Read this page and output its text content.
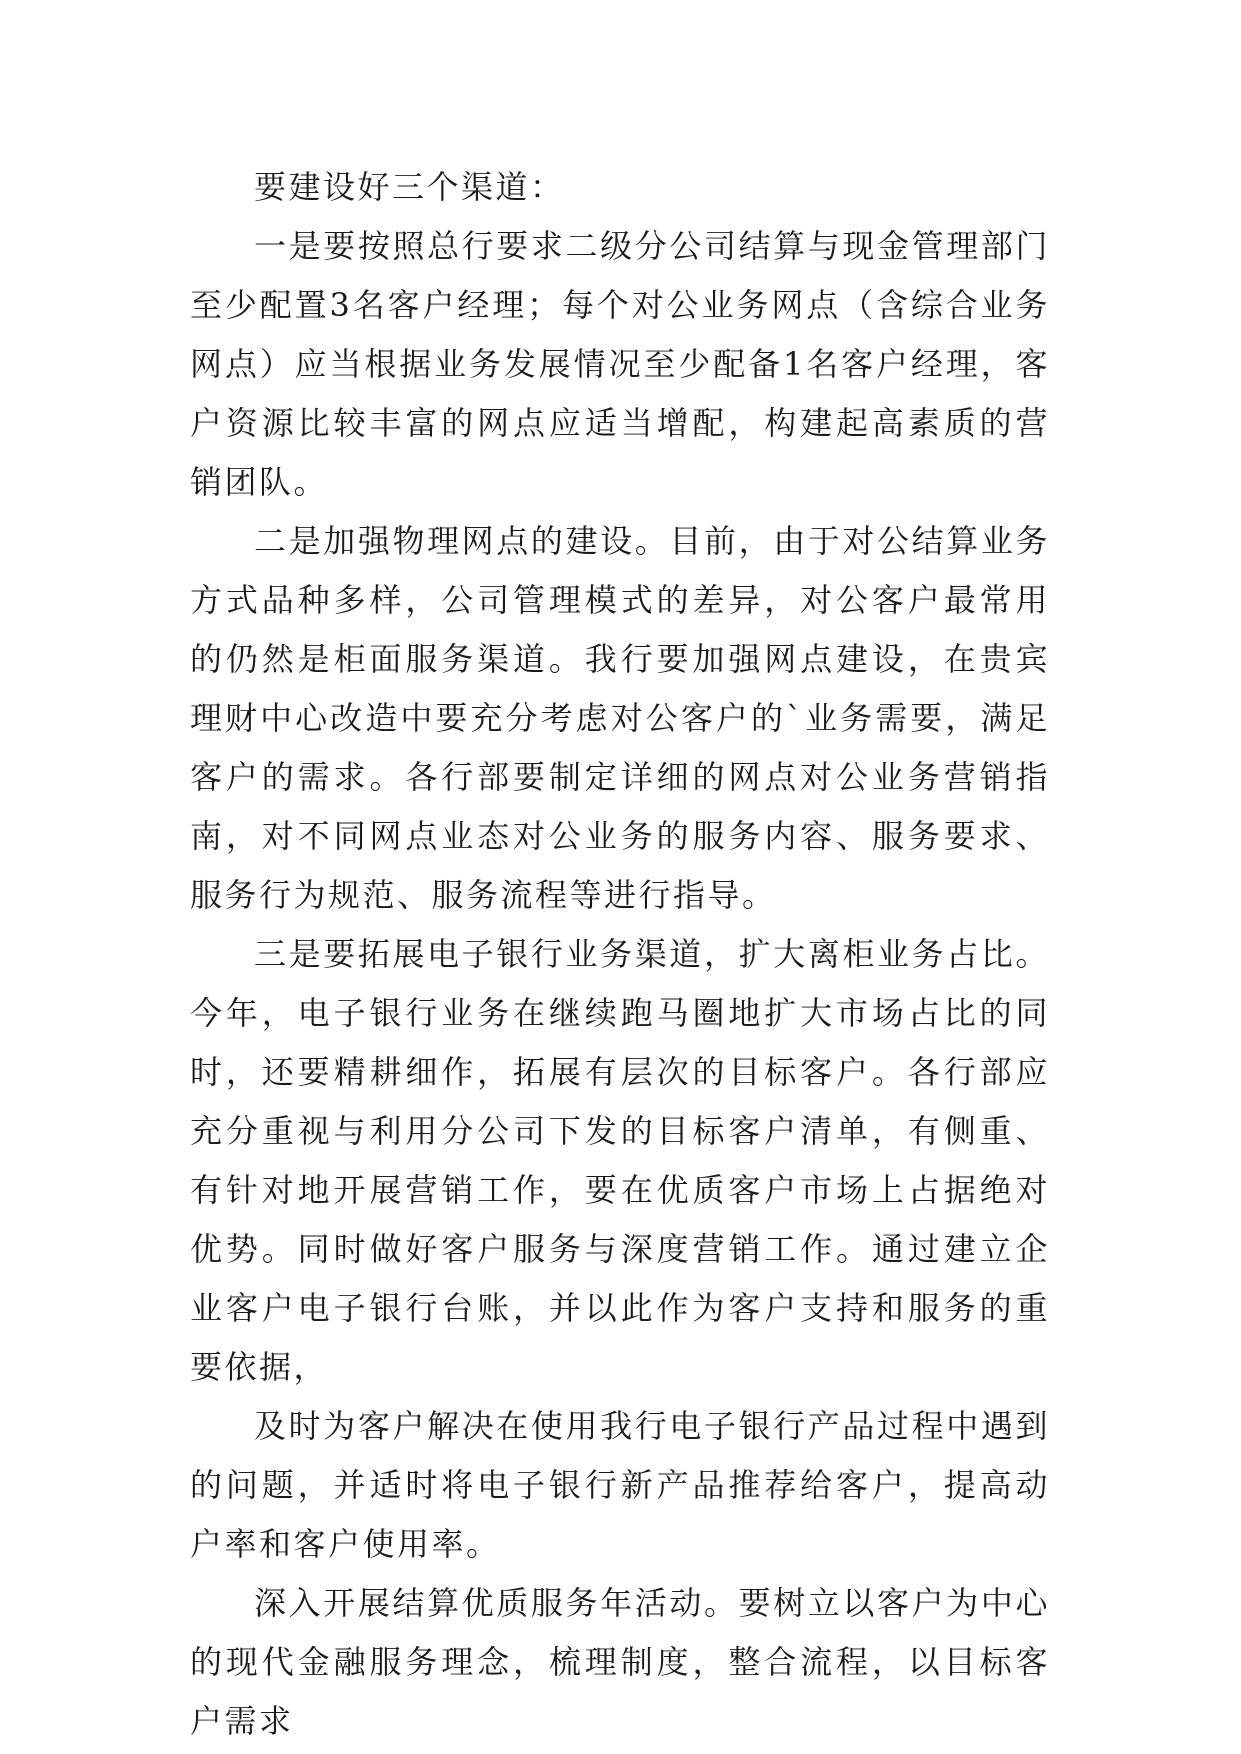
要建设好三个渠道：

一是要按照总行要求二级分公司结算与现金管理部门至少配置3名客户经理；每个对公业务网点（含综合业务网点）应当根据业务发展情况至少配备1名客户经理，客户资源比较丰富的网点应适当增配，构建起高素质的营销团队。

二是加强物理网点的建设。目前，由于对公结算业务方式品种多样，公司管理模式的差异，对公客户最常用的仍然是柜面服务渠道。我行要加强网点建设，在贵宾理财中心改造中要充分考虑对公客户的`业务需要，满足客户的需求。各行部要制定详细的网点对公业务营销指南，对不同网点业态对公业务的服务内容、服务要求、服务行为规范、服务流程等进行指导。

三是要拓展电子银行业务渠道，扩大离柜业务占比。今年，电子银行业务在继续跑马圈地扩大市场占比的同时，还要精耕细作，拓展有层次的目标客户。各行部应充分重视与利用分公司下发的目标客户清单，有侧重、有针对地开展营销工作，要在优质客户市场上占据绝对优势。同时做好客户服务与深度营销工作。通过建立企业客户电子银行台账，并以此作为客户支持和服务的重要依据，

及时为客户解决在使用我行电子银行产品过程中遇到的问题，并适时将电子银行新产品推荐给客户，提高动户率和客户使用率。

深入开展结算优质服务年活动。要树立以客户为中心的现代金融服务理念，梳理制度，整合流程，以目标客户需求
